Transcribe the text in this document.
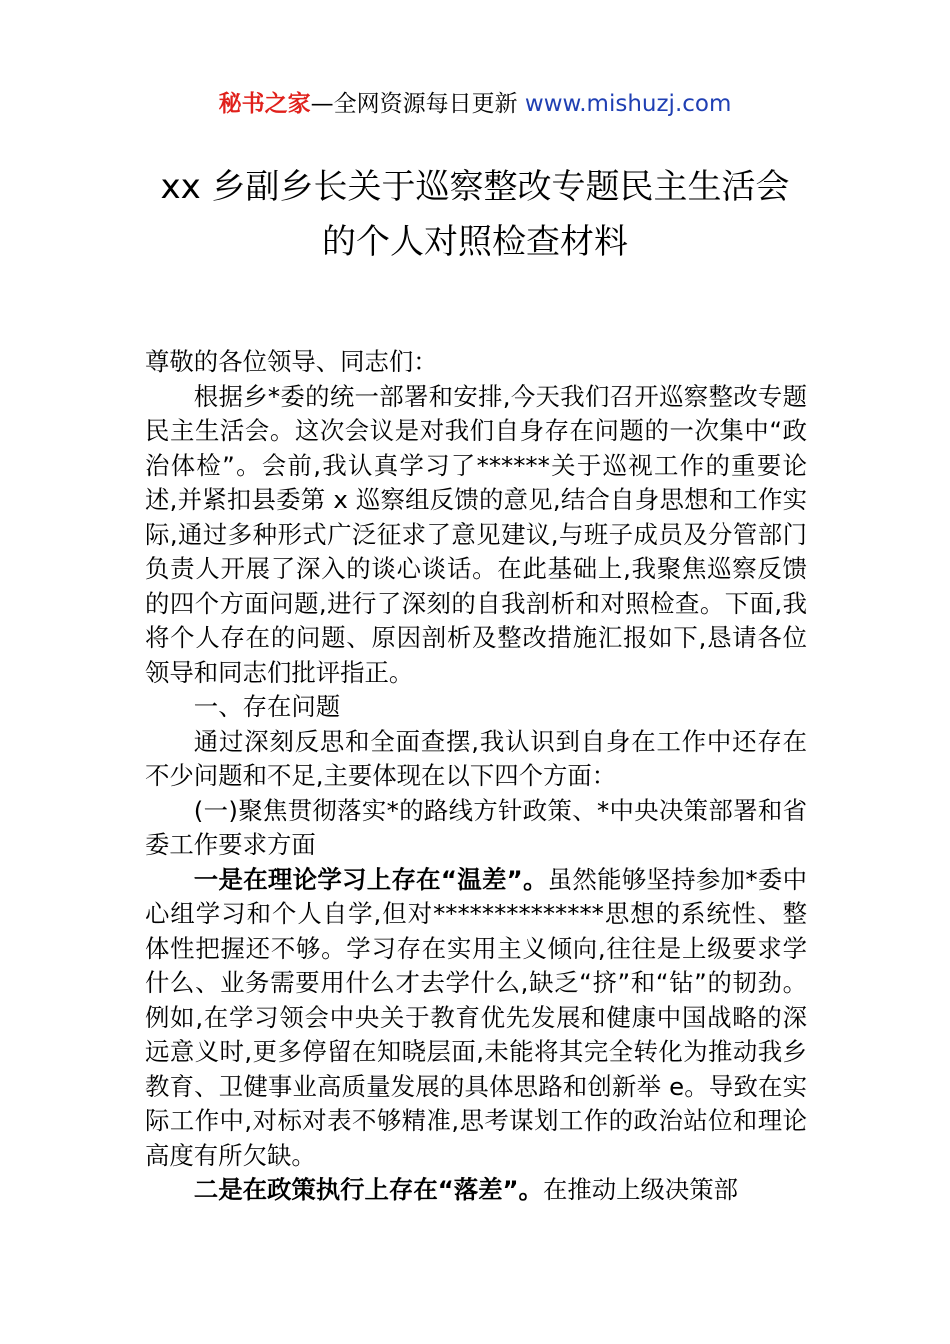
秘书之家—全网资源每日更新 www.mishuzj.com
xx 乡副乡长关于巡察整改专题民主生活会
的个人对照检查材料

尊敬的各位领导、同志们：

根据乡*委的统一部署和安排,今天我们召开巡察整改专题民主生活会。这次会议是对我们自身存在问题的一次集中“政治体检”。会前,我认真学习了******关于巡视工作的重要论述,并紧扣县委第 x 巡察组反馈的意见,结合自身思想和工作实际,通过多种形式广泛征求了意见建议,与班子成员及分管部门负责人开展了深入的谈心谈话。在此基础上,我聚焦巡察反馈的四个方面问题,进行了深刻的自我剖析和对照检查。下面,我将个人存在的问题、原因剖析及整改措施汇报如下,恳请各位领导和同志们批评指正。

一、存在问题

通过深刻反思和全面查摆,我认识到自身在工作中还存在不少问题和不足,主要体现在以下四个方面：

(一)聚焦贯彻落实*的路线方针政策、*中央决策部署和省委工作要求方面

一是在理论学习上存在“温差”。虽然能够坚持参加*委中心组学习和个人自学,但对**************思想的系统性、整体性把握还不够。学习存在实用主义倾向,往往是上级要求学什么、业务需要用什么才去学什么,缺乏“挤”和“钻”的韧劲。例如,在学习领会中央关于教育优先发展和健康中国战略的深远意义时,更多停留在知晓层面,未能将其完全转化为推动我乡教育、卫健事业高质量发展的具体思路和创新举 e。导致在实际工作中,对标对表不够精准,思考谋划工作的政治站位和理论高度有所欠缺。

二是在政策执行上存在“落差”。在推动上级决策部
